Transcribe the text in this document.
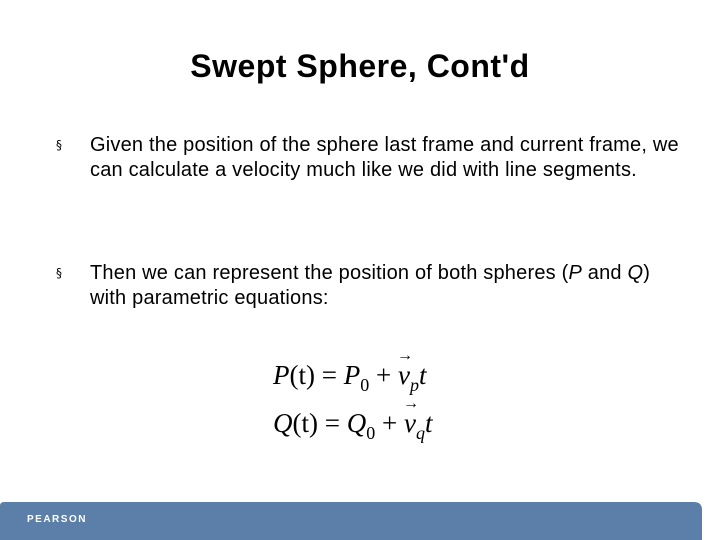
Swept Sphere, Cont'd
§ Given the position of the sphere last frame and current frame, we can calculate a velocity much like we did with line segments.
§ Then we can represent the position of both spheres (P and Q) with parametric equations:
$P(t) = P_0$ +
→
$v_pt$
$Q(t) = Q_0$ +
→
$v_qt$
PEARSON
